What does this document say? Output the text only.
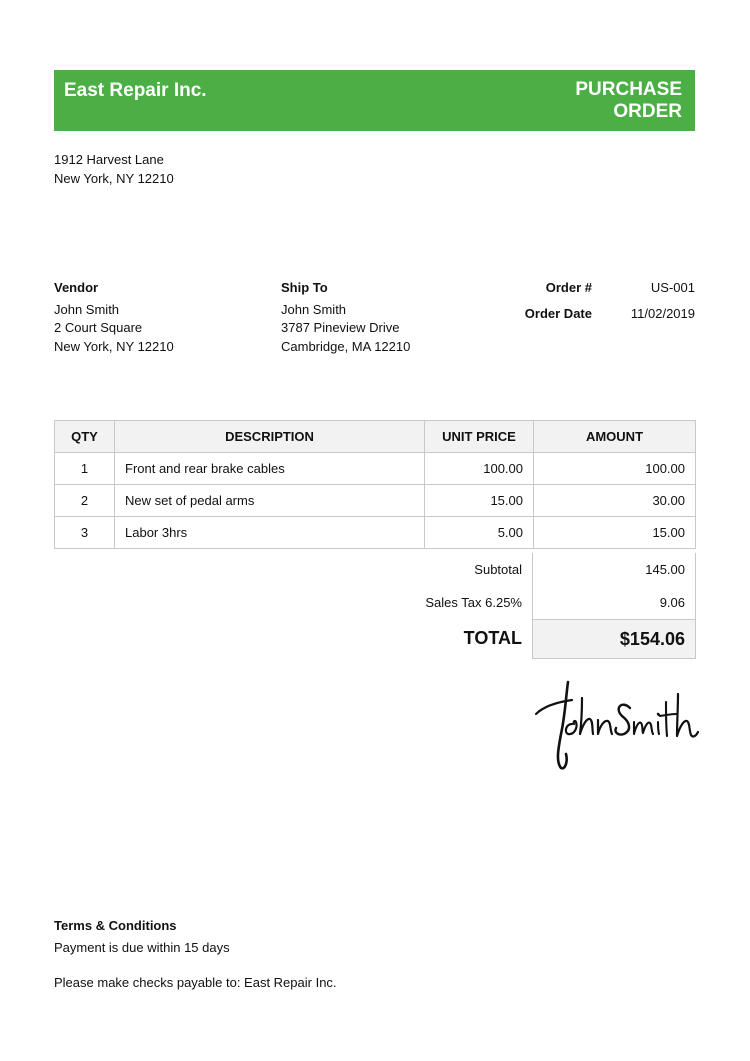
East Repair Inc.	PURCHASE
ORDER
1912 Harvest Lane
New York, NY 12210
Vendor
John Smith
2 Court Square
New York, NY 12210
Ship To
John Smith
3787 Pineview Drive
Cambridge, MA 12210
Order #	US-001
Order Date	11/02/2019
QTY	DESCRIPTION	UNIT PRICE	AMOUNT
1	Front and rear brake cables	100.00	100.00
2	New set of pedal arms	15.00	30.00
3	Labor 3hrs	5.00	15.00
Subtotal	145.00
Sales Tax 6.25%	9.06
TOTAL	$154.06
Terms & Conditions
Payment is due within 15 days
Please make checks payable to: East Repair Inc.
